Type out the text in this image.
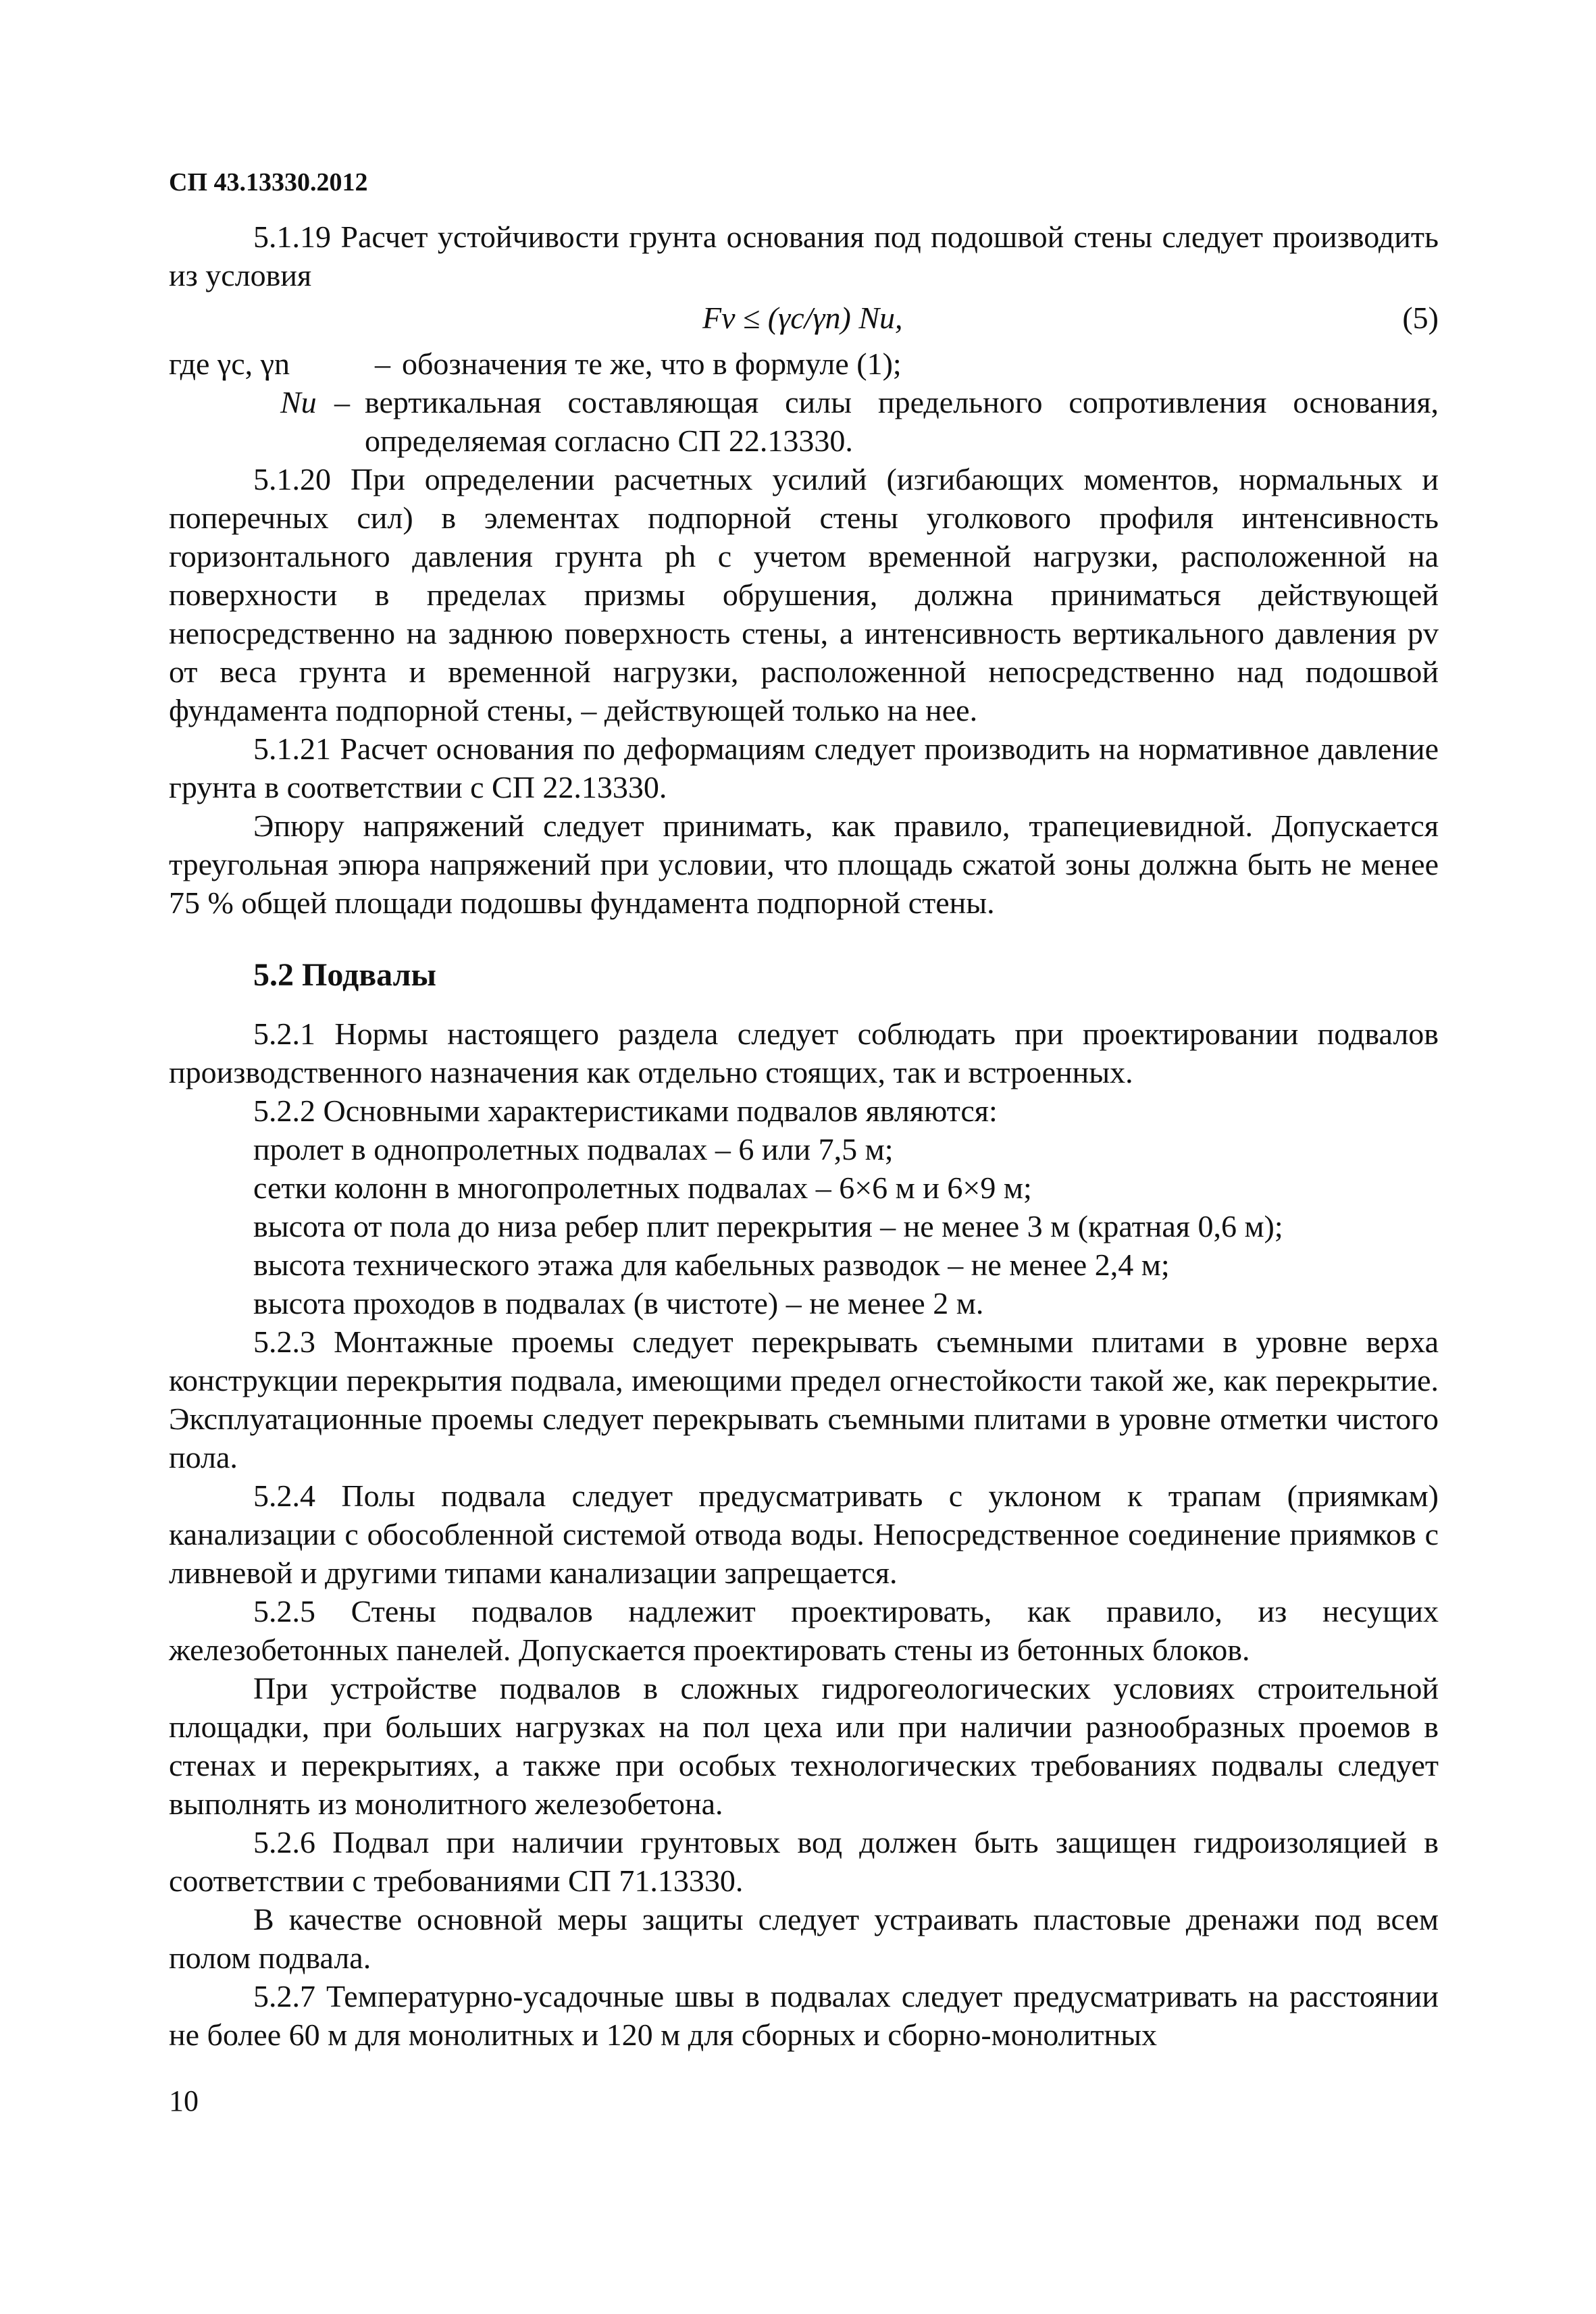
СП 43.13330.2012

5.1.19 Расчет устойчивости грунта основания под подошвой стены следует производить из условия

Fv ≤ (γc/γn) Nu,	(5)
где γc, γn	– обозначения те же, что в формуле (1);
Nu – вертикальная составляющая силы предельного сопротивления основания, определяемая согласно СП 22.13330.

5.1.20 При определении расчетных усилий (изгибающих моментов, нормальных и поперечных сил) в элементах подпорной стены уголкового профиля интенсивность горизонтального давления грунта ph с учетом временной нагрузки, расположенной на поверхности в пределах призмы обрушения, должна приниматься действующей непосредственно на заднюю поверхность стены, а интенсивность вертикального давления pv от веса грунта и временной нагрузки, расположенной непосредственно над подошвой фундамента подпорной стены, – действующей только на нее.

5.1.21 Расчет основания по деформациям следует производить на нормативное давление грунта в соответствии с СП 22.13330.

Эпюру напряжений следует принимать, как правило, трапециевидной. Допускается треугольная эпюра напряжений при условии, что площадь сжатой зоны должна быть не менее 75 % общей площади подошвы фундамента подпорной стены.

5.2 Подвалы

5.2.1 Нормы настоящего раздела следует соблюдать при проектировании подвалов производственного назначения как отдельно стоящих, так и встроенных.

5.2.2 Основными характеристиками подвалов являются:

пролет в однопролетных подвалах – 6 или 7,5 м;

сетки колонн в многопролетных подвалах – 6×6 м и 6×9 м;

высота от пола до низа ребер плит перекрытия – не менее 3 м (кратная 0,6 м);

высота технического этажа для кабельных разводок – не менее 2,4 м;

высота проходов в подвалах (в чистоте) – не менее 2 м.

5.2.3 Монтажные проемы следует перекрывать съемными плитами в уровне верха конструкции перекрытия подвала, имеющими предел огнестойкости такой же, как перекрытие. Эксплуатационные проемы следует перекрывать съемными плитами в уровне отметки чистого пола.

5.2.4 Полы подвала следует предусматривать с уклоном к трапам (приямкам) канализации с обособленной системой отвода воды. Непосредственное соединение приямков с ливневой и другими типами канализации запрещается.

5.2.5 Стены подвалов надлежит проектировать, как правило, из несущих железобетонных панелей. Допускается проектировать стены из бетонных блоков.

При устройстве подвалов в сложных гидрогеологических условиях строительной площадки, при больших нагрузках на пол цеха или при наличии разнообразных проемов в стенах и перекрытиях, а также при особых технологических требованиях подвалы следует выполнять из монолитного железобетона.

5.2.6 Подвал при наличии грунтовых вод должен быть защищен гидроизоляцией в соответствии с требованиями СП 71.13330.

В качестве основной меры защиты следует устраивать пластовые дренажи под всем полом подвала.

5.2.7 Температурно-усадочные швы в подвалах следует предусматривать на расстоянии не более 60 м для монолитных и 120 м для сборных и сборно-монолитных

10
